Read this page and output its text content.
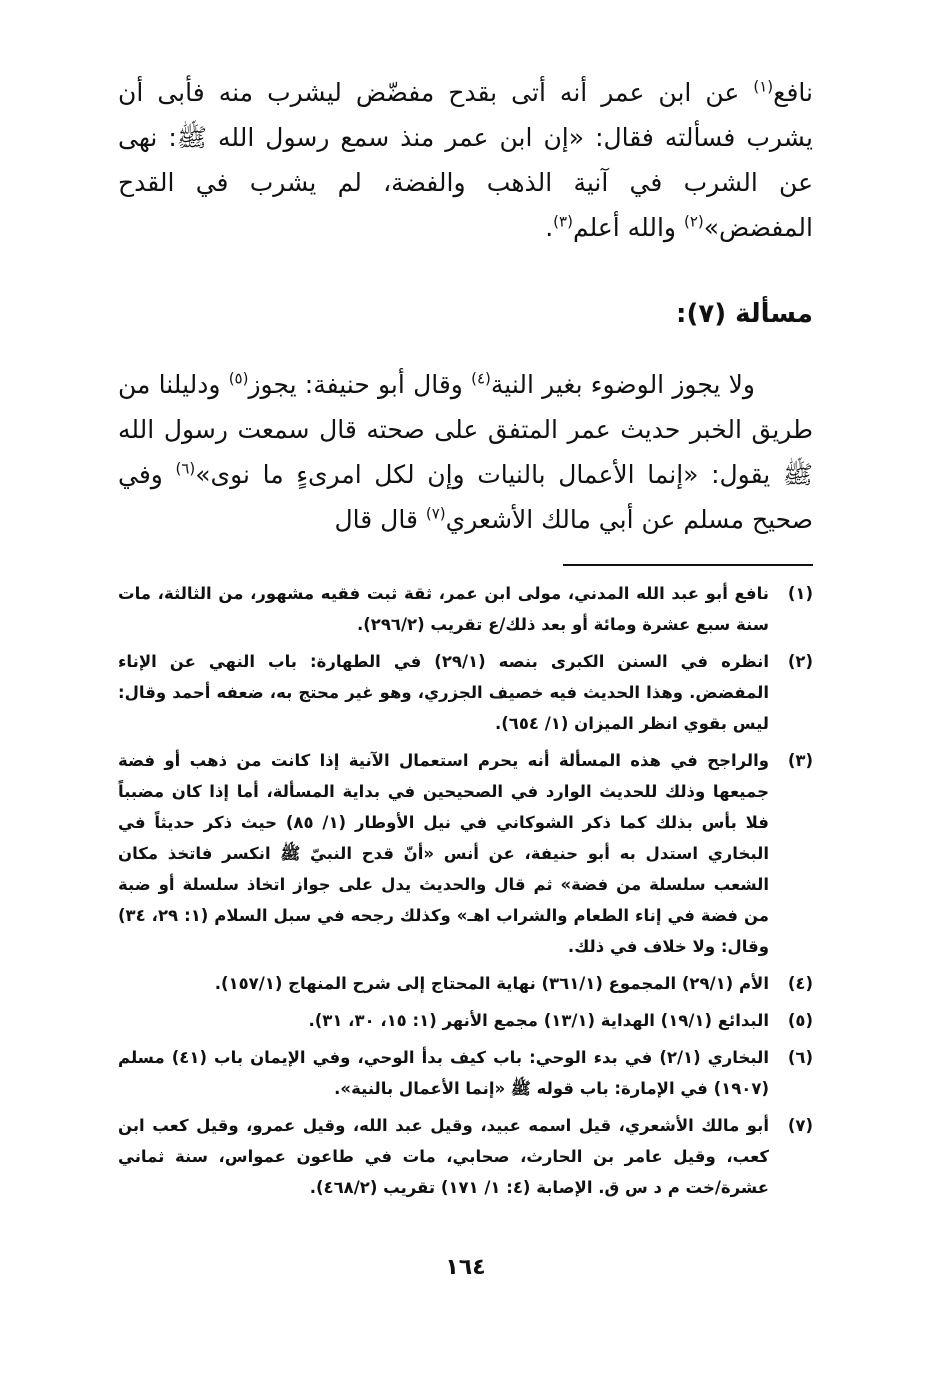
نافع$^{(١)}$ عن ابن عمر أنه أتى بقدح مفضّض ليشرب منه فأبى أن يشرب فسألته فقال: «إن ابن عمر منذ سمع رسول الله ﷺ: نهى عن الشرب في آنية الذهب والفضة، لم يشرب في القدح المفضض»$^{(٢)}$ والله أعلم$^{(٣)}$.

مسألة (٧):

ولا يجوز الوضوء بغير النية$^{(٤)}$ وقال أبو حنيفة: يجوز$^{(٥)}$ ودليلنا من طريق الخبر حديث عمر المتفق على صحته قال سمعت رسول الله ﷺ يقول: «إنما الأعمال بالنيات وإن لكل امرىءٍ ما نوى»$^{(٦)}$ وفي صحيح مسلم عن أبي مالك الأشعري$^{(٧)}$ قال قال

(١)
نافع أبو عبد الله المدني، مولى ابن عمر، ثقة ثبت فقيه مشهور، من الثالثة، مات سنة سبع عشرة ومائة أو بعد ذلك/ع تقريب (٢٩٦/٢).
(٢)
انظره في السنن الكبرى بنصه (٢٩/١) في الطهارة: باب النهي عن الإناء المفضض. وهذا الحديث فيه خصيف الجزري، وهو غير محتج به، ضعفه أحمد وقال: ليس بقوي انظر الميزان (١/ ٦٥٤).
(٣)
والراجح في هذه المسألة أنه يحرم استعمال الآنية إذا كانت من ذهب أو فضة جميعها وذلك للحديث الوارد في الصحيحين في بداية المسألة، أما إذا كان مضبباً فلا بأس بذلك كما ذكر الشوكاني في نيل الأوطار (١/ ٨٥) حيث ذكر حديثاً في البخاري استدل به أبو حنيفة، عن أنس «أنّ قدح النبيّ ﷺ انكسر فاتخذ مكان الشعب سلسلة من فضة» ثم قال والحديث يدل على جواز اتخاذ سلسلة أو ضبة من فضة في إناء الطعام والشراب اهـ» وكذلك رجحه في سبل السلام (١: ٢٩، ٣٤) وقال: ولا خلاف في ذلك.
(٤)
الأم (٢٩/١) المجموع (٣٦١/١) نهاية المحتاج إلى شرح المنهاج (١٥٧/١).
(٥)
البدائع (١٩/١) الهداية (١٣/١) مجمع الأنهر (١: ١٥، ٣٠، ٣١).
(٦)
البخاري (٢/١) في بدء الوحي: باب كيف بدأ الوحي، وفي الإيمان باب (٤١) مسلم (١٩٠٧) في الإمارة: باب قوله ﷺ «إنما الأعمال بالنية».
(٧)
أبو مالك الأشعري، قيل اسمه عبيد، وقيل عبد الله، وقيل عمرو، وقيل كعب ابن كعب، وقيل عامر بن الحارث، صحابي، مات في طاعون عمواس، سنة ثماني عشرة/خت م د س ق. الإصابة (٤: ١/ ١٧١) تقريب (٤٦٨/٢).
١٦٤
